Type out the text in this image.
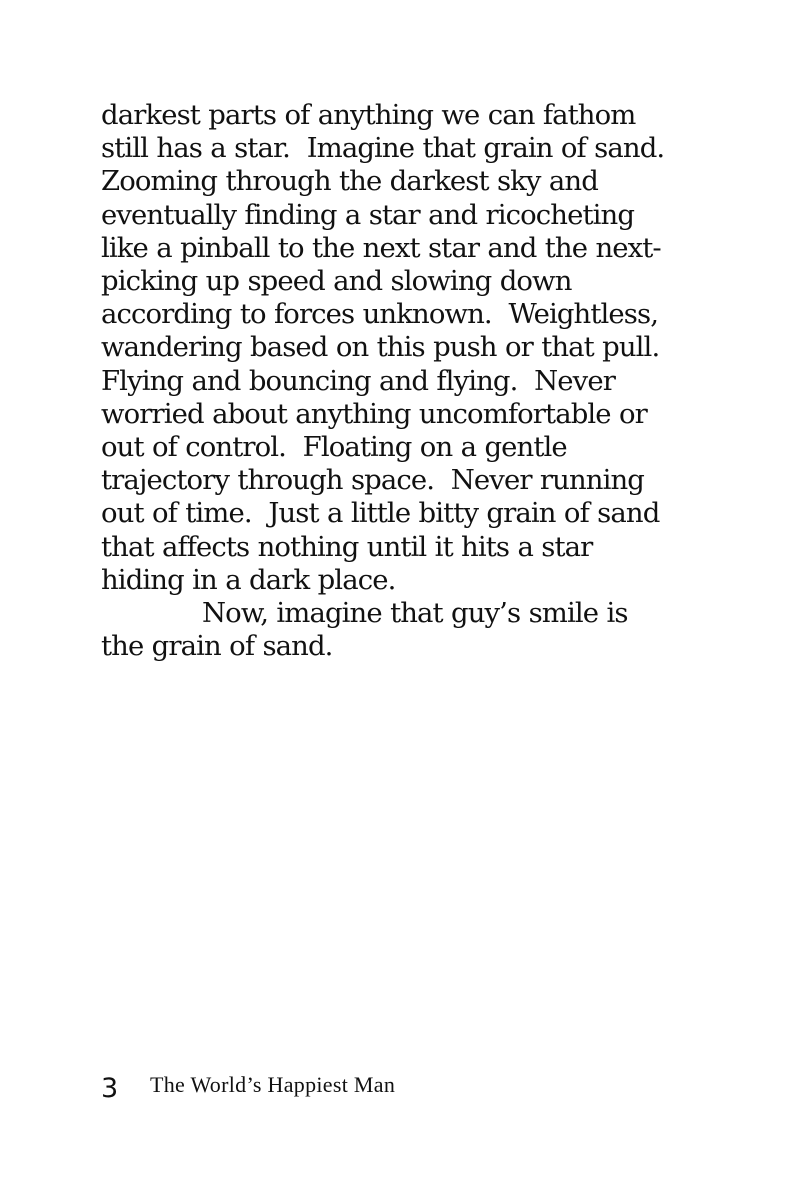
darkest parts of anything we can fathom
still has a star.  Imagine that grain of sand.
Zooming through the darkest sky and
eventually finding a star and ricocheting
like a pinball to the next star and the next-
picking up speed and slowing down
according to forces unknown.  Weightless,
wandering based on this push or that pull.
Flying and bouncing and flying.  Never
worried about anything uncomfortable or
out of control.  Floating on a gentle
trajectory through space.  Never running
out of time.  Just a little bitty grain of sand
that affects nothing until it hits a star
hiding in a dark place.
Now, imagine that guy’s smile is
the grain of sand.
3 The World’s Happiest Man
